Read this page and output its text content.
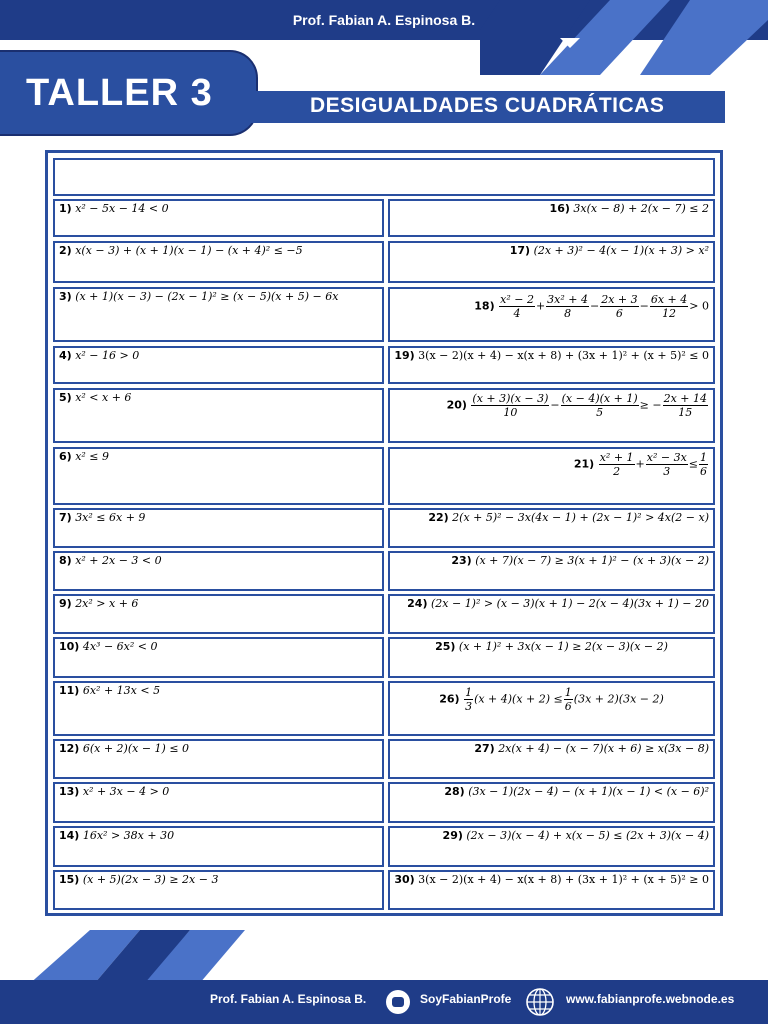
Prof. Fabian A. Espinosa B.
TALLER 3	DESIGUALDADES CUADRÁTICAS
1) x² − 5x − 14 < 0
2) x(x − 3) + (x + 1)(x − 1) − (x + 4)² ≤ −5
3) (x + 1)(x − 3) − (2x − 1)² ≥ (x − 5)(x + 5) − 6x
4) x² − 16 > 0
5) x² < x + 6
6) x² ≤ 9
7) 3x² ≤ 6x + 9
8) x² + 2x − 3 < 0
9) 2x² > x + 6
10) 4x³ − 6x² < 0
11) 6x² + 13x < 5
12) 6(x + 2)(x − 1) ≤ 0
13) x² + 3x − 4 > 0
14) 16x² > 38x + 30
15) (x + 5)(2x − 3) ≥ 2x − 3
16) 3x(x − 8) + 2(x − 7) ≤ 2
17) (2x + 3)² − 4(x − 1)(x + 3) > x²
$18) \frac{\text{x² − 2}}{4} + \frac{\text{3x² + 4}}{8} - \frac{2x + 3}{6} - \frac{6x + 4}{12} > 0$
19) 3(x − 2)(x + 4) − x(x + 8) + (3x + 1)² + (x + 5)² ≤ 0
$20) \frac{(x + 3)(x - 3)}{10} - \frac{(x - 4)(x + 1)}{5}$ ≥ − $\frac{2x + 14}{15}$
$21) \frac{\text{x² + 1}}{2} + \frac{\text{x² − 3x}}{3} \le \frac{1}{6}$
22) 2(x + 5)² − 3x(4x − 1) + (2x − 1)² > 4x(2 − x)
23) (x + 7)(x − 7) ≥ 3(x + 1)² − (x + 3)(x − 2)
24) (2x − 1)² > (x − 3)(x + 1) − 2(x − 4)(3x + 1) − 20
25) (x + 1)² + 3x(x − 1) ≥ 2(x − 3)(x − 2)
$26) \frac{1}{3} (x + 4)(x + 2) \le \frac{1}{6} (3x + 2)(3x - 2)$
27) 2x(x + 4) − (x − 7)(x + 6) ≥ x(3x − 8)
28) (3x − 1)(2x − 4) − (x + 1)(x − 1) < (x − 6)²
29) (2x − 3)(x − 4) + x(x − 5) ≤ (2x + 3)(x − 4)
30) 3(x − 2)(x + 4) − x(x + 8) + (3x + 1)² + (x + 5)² ≥ 0
Prof. Fabian A. Espinosa B.	SoyFabianProfe	www.fabianprofe.webnode.es
